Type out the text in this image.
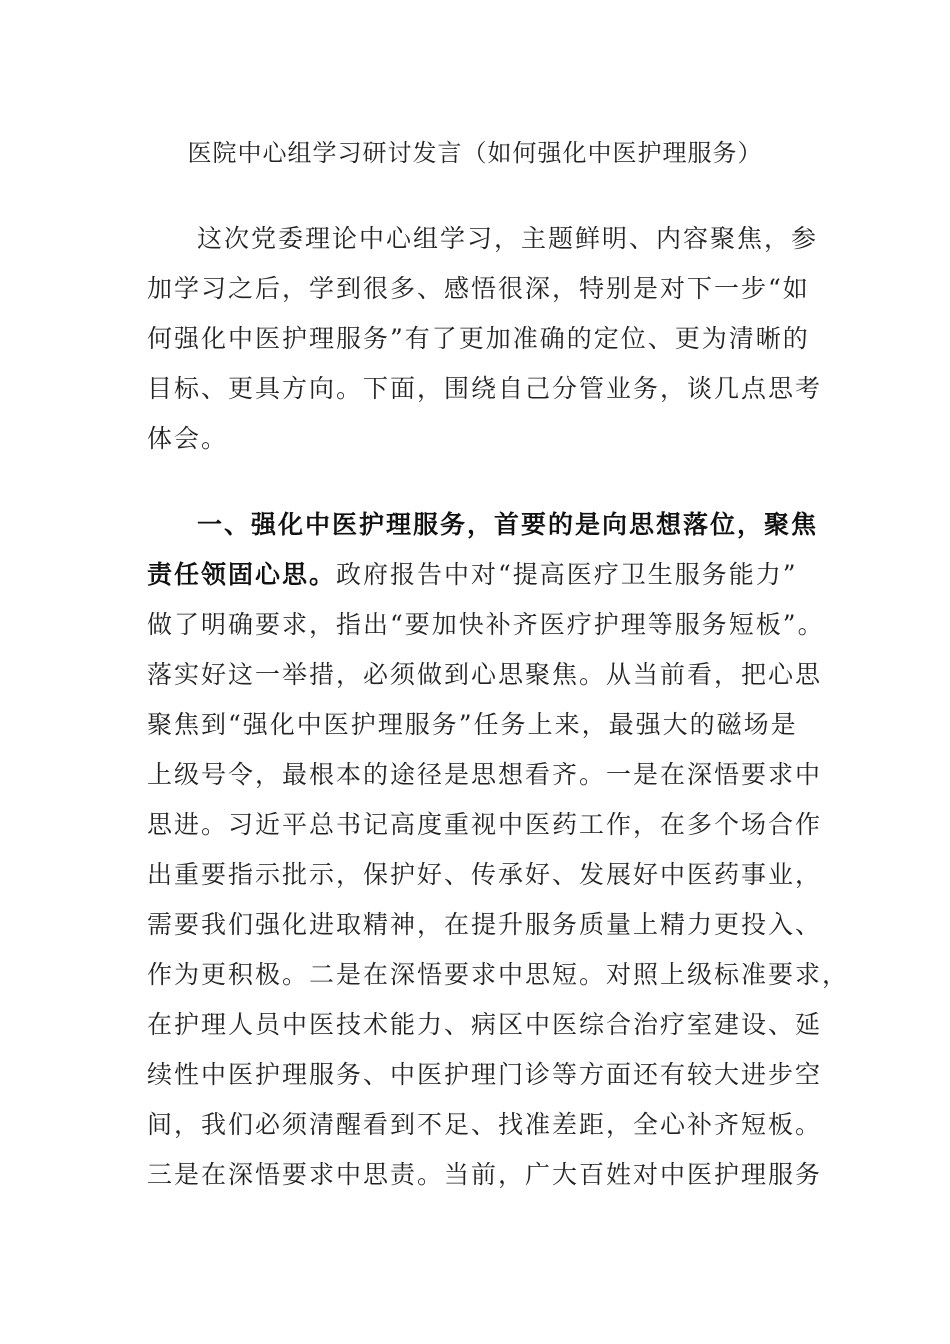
医院中心组学习研讨发言（如何强化中医护理服务）
这次党委理论中心组学习，主题鲜明、内容聚焦，参
加学习之后，学到很多、感悟很深，特别是对下一步“如
何强化中医护理服务”有了更加准确的定位、更为清晰的
目标、更具方向。下面，围绕自己分管业务，谈几点思考
体会。
一、强化中医护理服务，首要的是向思想落位，聚焦
责任领固心思。政府报告中对“提高医疗卫生服务能力”
做了明确要求，指出“要加快补齐医疗护理等服务短板”。
落实好这一举措，必须做到心思聚焦。从当前看，把心思
聚焦到“强化中医护理服务”任务上来，最强大的磁场是
上级号令，最根本的途径是思想看齐。一是在深悟要求中
思进。习近平总书记高度重视中医药工作，在多个场合作
出重要指示批示，保护好、传承好、发展好中医药事业，
需要我们强化进取精神，在提升服务质量上精力更投入、
作为更积极。二是在深悟要求中思短。对照上级标准要求，
在护理人员中医技术能力、病区中医综合治疗室建设、延
续性中医护理服务、中医护理门诊等方面还有较大进步空
间，我们必须清醒看到不足、找准差距，全心补齐短板。
三是在深悟要求中思责。当前，广大百姓对中医护理服务
